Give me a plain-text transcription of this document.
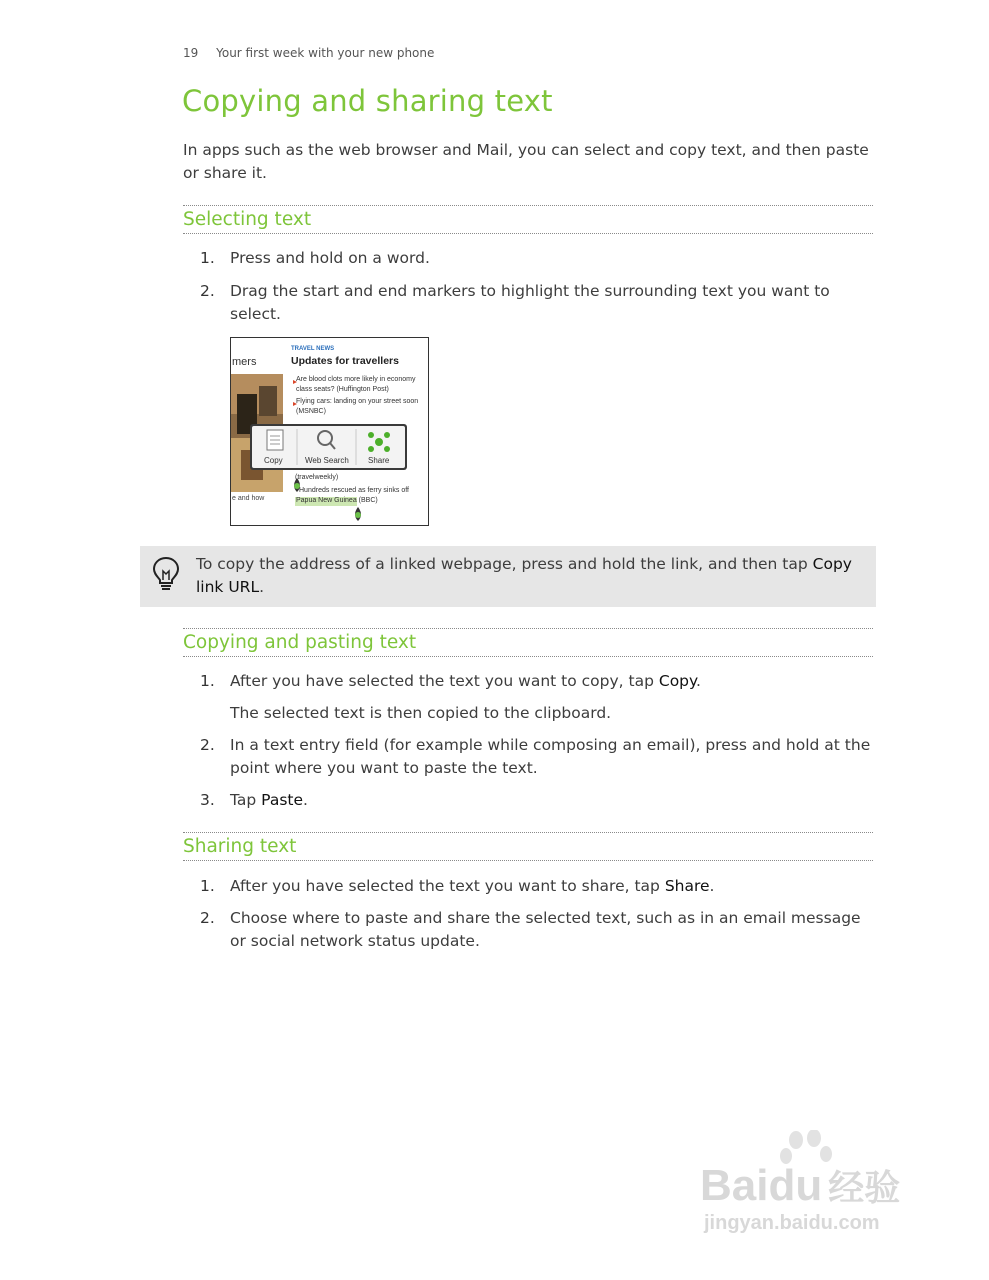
19 Your first week with your new phone
Copying and sharing text

In apps such as the web browser and Mail, you can select and copy text, and then paste or share it.

Selecting text
1. Press and hold on a word.
2. Drag the start and end markers to highlight the surrounding text you want to select.
mers
e and how
TRAVEL NEWS
Updates for travellers
Are blood clots more likely in economy class seats? (Huffington Post)
Flying cars: landing on your street soon (MSNBC)
(travelweekly)
Hundreds rescued as ferry sinks off
Papua New Guinea (BBC)
Copy	Web Search Share
To copy the address of a linked webpage, press and hold the link, and then tap Copy link URL.
Copying and pasting text
1. After you have selected the text you want to copy, tap Copy.
The selected text is then copied to the clipboard.
2. In a text entry field (for example while composing an email), press and hold at the point where you want to paste the text.
3. Tap Paste.
Sharing text
1. After you have selected the text you want to share, tap Share.
2. Choose where to paste and share the selected text, such as in an email message or social network status update.
Baidu 经验
jingyan.baidu.com
